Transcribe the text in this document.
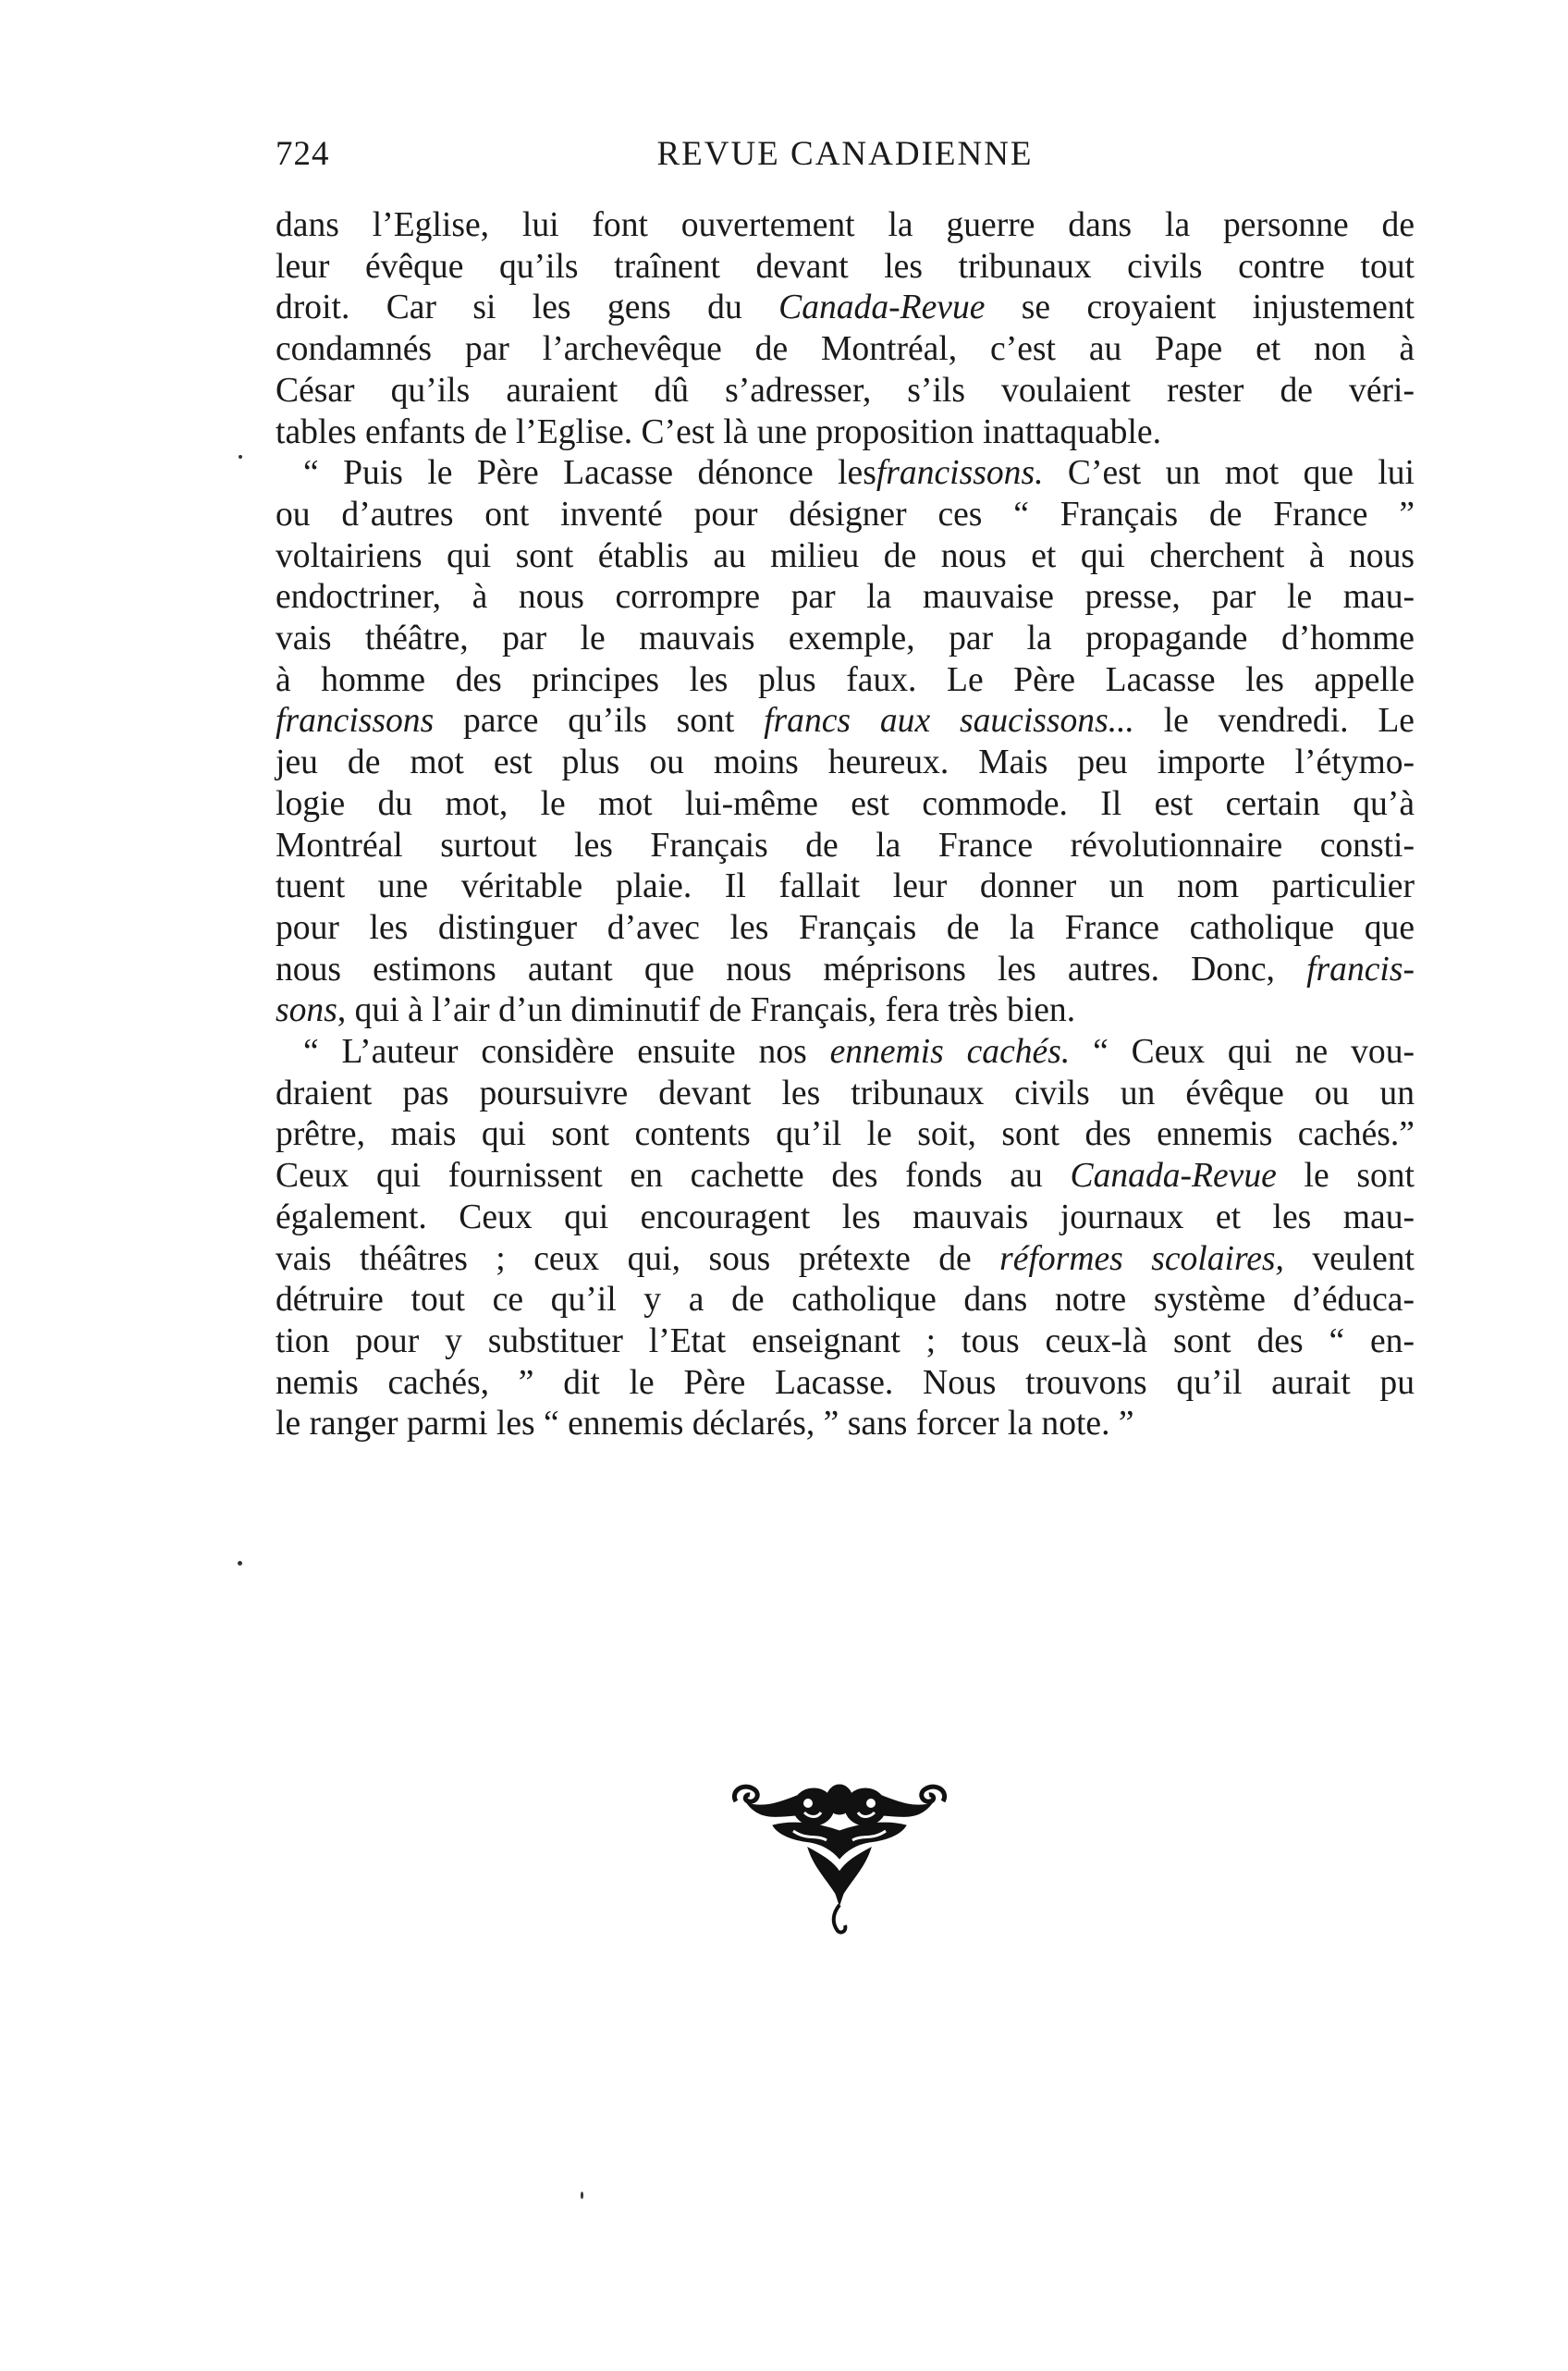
724	REVUE CANADIENNE

dans l’Eglise, lui font ouvertement la guerre dans la personne de
leur évêque qu’ils traînent devant les tribunaux civils contre tout
droit. Car si les gens du Canada-Revue se croyaient injustement
condamnés par l’archevêque de Montréal, c’est au Pape et non à
César qu’ils auraient dû s’adresser, s’ils voulaient rester de véri-
tables enfants de l’Eglise. C’est là une proposition inattaquable.

“ Puis le Père Lacasse dénonce lesfrancissons. C’est un mot que lui
ou d’autres ont inventé pour désigner ces “ Français de France ”
voltairiens qui sont établis au milieu de nous et qui cherchent à nous
endoctriner, à nous corrompre par la mauvaise presse, par le mau-
vais théâtre, par le mauvais exemple, par la propagande d’homme
à homme des principes les plus faux. Le Père Lacasse les appelle
francissons parce qu’ils sont francs aux saucissons... le vendredi. Le
jeu de mot est plus ou moins heureux. Mais peu importe l’étymo-
logie du mot, le mot lui-même est commode. Il est certain qu’à
Montréal surtout les Français de la France révolutionnaire consti-
tuent une véritable plaie. Il fallait leur donner un nom particulier
pour les distinguer d’avec les Français de la France catholique que
nous estimons autant que nous méprisons les autres. Donc, francis-
sons, qui à l’air d’un diminutif de Français, fera très bien.

“ L’auteur considère ensuite nos ennemis cachés. “ Ceux qui ne vou-
draient pas poursuivre devant les tribunaux civils un évêque ou un
prêtre, mais qui sont contents qu’il le soit, sont des ennemis cachés.”
Ceux qui fournissent en cachette des fonds au Canada-Revue le sont
également. Ceux qui encouragent les mauvais journaux et les mau-
vais théâtres ; ceux qui, sous prétexte de réformes scolaires, veulent
détruire tout ce qu’il y a de catholique dans notre système d’éduca-
tion pour y substituer l’Etat enseignant ; tous ceux-là sont des “ en-
nemis cachés, ” dit le Père Lacasse. Nous trouvons qu’il aurait pu
le ranger parmi les “ ennemis déclarés, ” sans forcer la note. ”
